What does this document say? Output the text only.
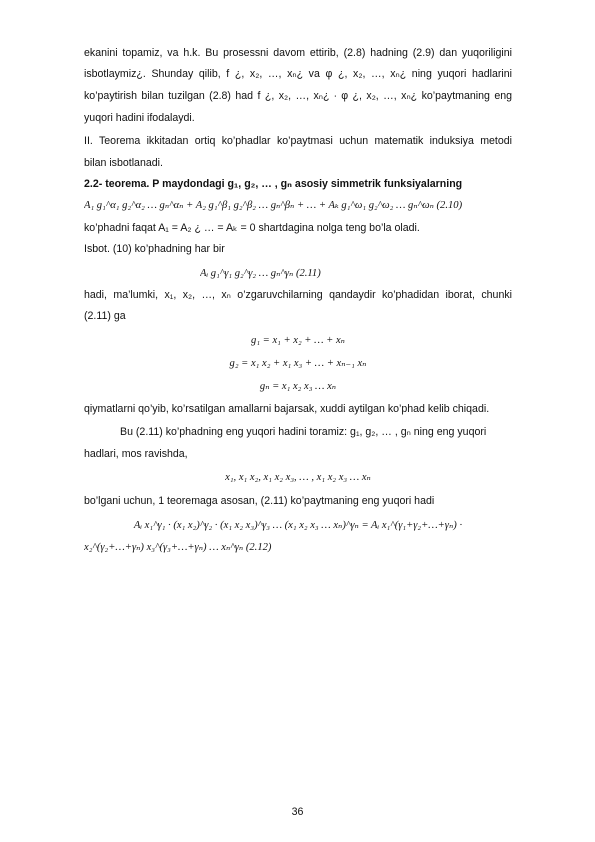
ekanini topamiz, va h.k. Bu prosessni davom ettirib, (2.8) hadning (2.9) dan yuqoriligini
isbotlaymiz¿. Shunday qilib, f ¿, x₂, …, xₙ¿ va φ ¿, x₂, …, xₙ¿ ning yuqori hadlarini
ko’paytirish bilan tuzilgan (2.8) had f ¿, x₂, …, xₙ¿ ∙ φ ¿, x₂, …, xₙ¿ ko’paytmaning eng
yuqori hadini ifodalaydi.
II. Teorema ikkitadan ortiq ko’phadlar ko’paytmasi uchun matematik induksiya metodi
bilan isbotlanadi.
2.2- teorema. P maydondagi g₁, g₂, … , gₙ asosiy simmetrik funksiyalarning
A₁ g₁^α₁ g₂^α₂ … gₙ^αₙ + A₂ g₁^β₁ g₂^β₂ … gₙ^βₙ + … + Aₖ g₁^ω₁ g₂^ω₂ … gₙ^ωₙ (2.10)
ko’phadni faqat A₁ = A₂ ¿ … = Aₖ = 0 shartdagina nolga teng bo’la oladi.
Isbot. (10) ko’phadning har bir
Aᵢ g₁^γ₁ g₂^γ₂ … gₙ^γₙ (2.11)
hadi, ma’lumki, x₁, x₂, …, xₙ o’zgaruvchilarning qandaydir ko’phadidan iborat, chunki
(2.11) ga
g₁ = x₁ + x₂ + … + xₙ
g₂ = x₁ x₂ + x₁ x₃ + … + xₙ₋₁ xₙ
gₙ = x₁ x₂ x₃ … xₙ
qiymatlarni qo’yib, ko’rsatilgan amallarni bajarsak, xuddi aytilgan ko’phad kelib chiqadi.
Bu (2.11) ko’phadning eng yuqori hadini toramiz: g₁, g₂, … , gₙ ning eng yuqori
hadlari, mos ravishda,
x₁, x₁ x₂, x₁ x₂ x₃, … , x₁ x₂ x₃ … xₙ
bo’lgani uchun, 1 teoremaga asosan, (2.11) ko’paytmaning eng yuqori hadi
Aᵢ x₁^γ₁ ∙ (x₁ x₂)^γ₂ ∙ (x₁ x₂ x₃)^γ₃ … (x₁ x₂ x₃ … xₙ)^γₙ = Aᵢ x₁^(γ₁+γ₂+…+γₙ) ∙
x₂^(γ₂+…+γₙ) x₃^(γ₃+…+γₙ) … xₙ^γₙ (2.12)
36
